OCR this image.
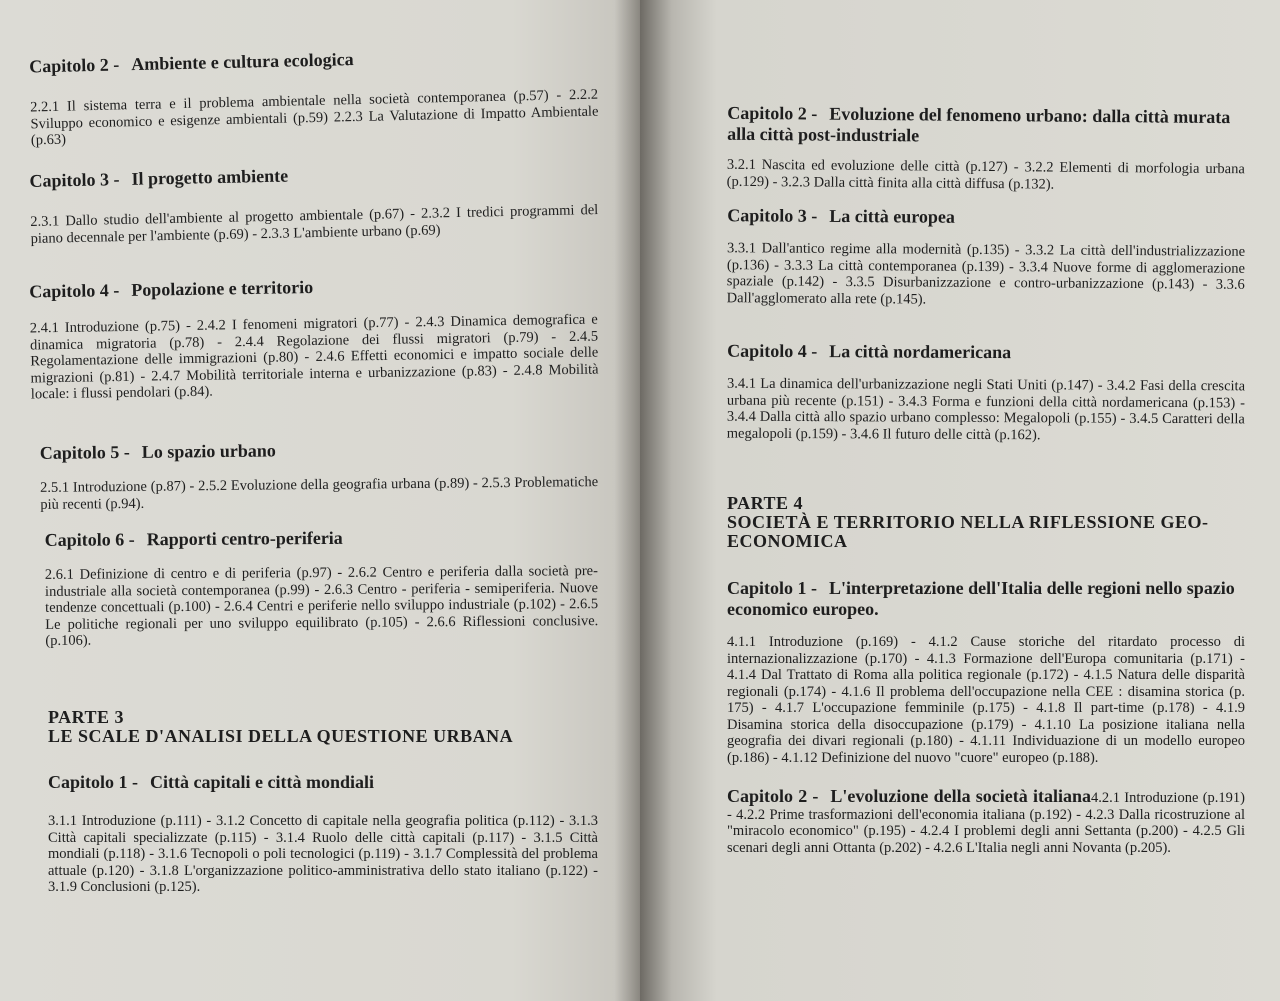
Capitolo 2 - Ambiente e cultura ecologica

2.2.1 Il sistema terra e il problema ambientale nella società contemporanea (p.57) - 2.2.2 Sviluppo economico e esigenze ambientali (p.59) 2.2.3 La Valutazione di Impatto Ambientale (p.63)

Capitolo 3 - Il progetto ambiente

2.3.1 Dallo studio dell'ambiente al progetto ambientale (p.67) - 2.3.2 I tredici programmi del piano decennale per l'ambiente (p.69) - 2.3.3 L'ambiente urbano (p.69)

Capitolo 4 - Popolazione e territorio

2.4.1 Introduzione (p.75) - 2.4.2 I fenomeni migratori (p.77) - 2.4.3 Dinamica demografica e dinamica migratoria (p.78) - 2.4.4 Regolazione dei flussi migratori (p.79) - 2.4.5 Regolamentazione delle immigrazioni (p.80) - 2.4.6 Effetti economici e impatto sociale delle migrazioni (p.81) - 2.4.7 Mobilità territoriale interna e urbanizzazione (p.83) - 2.4.8 Mobilità locale: i flussi pendolari (p.84).

Capitolo 5 - Lo spazio urbano

2.5.1 Introduzione (p.87) - 2.5.2 Evoluzione della geografia urbana (p.89) - 2.5.3 Problematiche più recenti (p.94).

Capitolo 6 - Rapporti centro-periferia

2.6.1 Definizione di centro e di periferia (p.97) - 2.6.2 Centro e periferia dalla società pre-industriale alla società contemporanea (p.99) - 2.6.3 Centro - periferia - semiperiferia. Nuove tendenze concettuali (p.100) - 2.6.4 Centri e periferie nello sviluppo industriale (p.102) - 2.6.5 Le politiche regionali per uno sviluppo equilibrato (p.105) - 2.6.6 Riflessioni conclusive. (p.106).

PARTE 3
LE SCALE D'ANALISI DELLA QUESTIONE URBANA
Capitolo 1 - Città capitali e città mondiali

3.1.1 Introduzione (p.111) - 3.1.2 Concetto di capitale nella geografia politica (p.112) - 3.1.3 Città capitali specializzate (p.115) - 3.1.4 Ruolo delle città capitali (p.117) - 3.1.5 Città mondiali (p.118) - 3.1.6 Tecnopoli o poli tecnologici (p.119) - 3.1.7 Complessità del problema attuale (p.120) - 3.1.8 L'organizzazione politico-amministrativa dello stato italiano (p.122) - 3.1.9 Conclusioni (p.125).

Capitolo 2 - Evoluzione del fenomeno urbano: dalla città murata alla città post-industriale

3.2.1 Nascita ed evoluzione delle città (p.127) - 3.2.2 Elementi di morfologia urbana (p.129) - 3.2.3 Dalla città finita alla città diffusa (p.132).

Capitolo 3 - La città europea

3.3.1 Dall'antico regime alla modernità (p.135) - 3.3.2 La città dell'industrializzazione (p.136) - 3.3.3 La città contemporanea (p.139) - 3.3.4 Nuove forme di agglomerazione spaziale (p.142) - 3.3.5 Disurbanizzazione e contro-urbanizzazione (p.143) - 3.3.6 Dall'agglomerato alla rete (p.145).

Capitolo 4 - La città nordamericana

3.4.1 La dinamica dell'urbanizzazione negli Stati Uniti (p.147) - 3.4.2 Fasi della crescita urbana più recente (p.151) - 3.4.3 Forma e funzioni della città nordamericana (p.153) - 3.4.4 Dalla città allo spazio urbano complesso: Megalopoli (p.155) - 3.4.5 Caratteri della megalopoli (p.159) - 3.4.6 Il futuro delle città (p.162).

PARTE 4
SOCIETÀ E TERRITORIO NELLA RIFLESSIONE GEO-ECONOMICA
Capitolo 1 - L'interpretazione dell'Italia delle regioni nello spazio economico europeo.

4.1.1 Introduzione (p.169) - 4.1.2 Cause storiche del ritardato processo di internazionalizzazione (p.170) - 4.1.3 Formazione dell'Europa comunitaria (p.171) - 4.1.4 Dal Trattato di Roma alla politica regionale (p.172) - 4.1.5 Natura delle disparità regionali (p.174) - 4.1.6 Il problema dell'occupazione nella CEE : disamina storica (p. 175) - 4.1.7 L'occupazione femminile (p.175) - 4.1.8 Il part-time (p.178) - 4.1.9 Disamina storica della disoccupazione (p.179) - 4.1.10 La posizione italiana nella geografia dei divari regionali (p.180) - 4.1.11 Individuazione di un modello europeo (p.186) - 4.1.12 Definizione del nuovo "cuore" europeo (p.188).

Capitolo 2 - L'evoluzione della società italiana4.2.1 Introduzione (p.191) - 4.2.2 Prime trasformazioni dell'economia italiana (p.192) - 4.2.3 Dalla ricostruzione al "miracolo economico" (p.195) - 4.2.4 I problemi degli anni Settanta (p.200) - 4.2.5 Gli scenari degli anni Ottanta (p.202) - 4.2.6 L'Italia negli anni Novanta (p.205).
